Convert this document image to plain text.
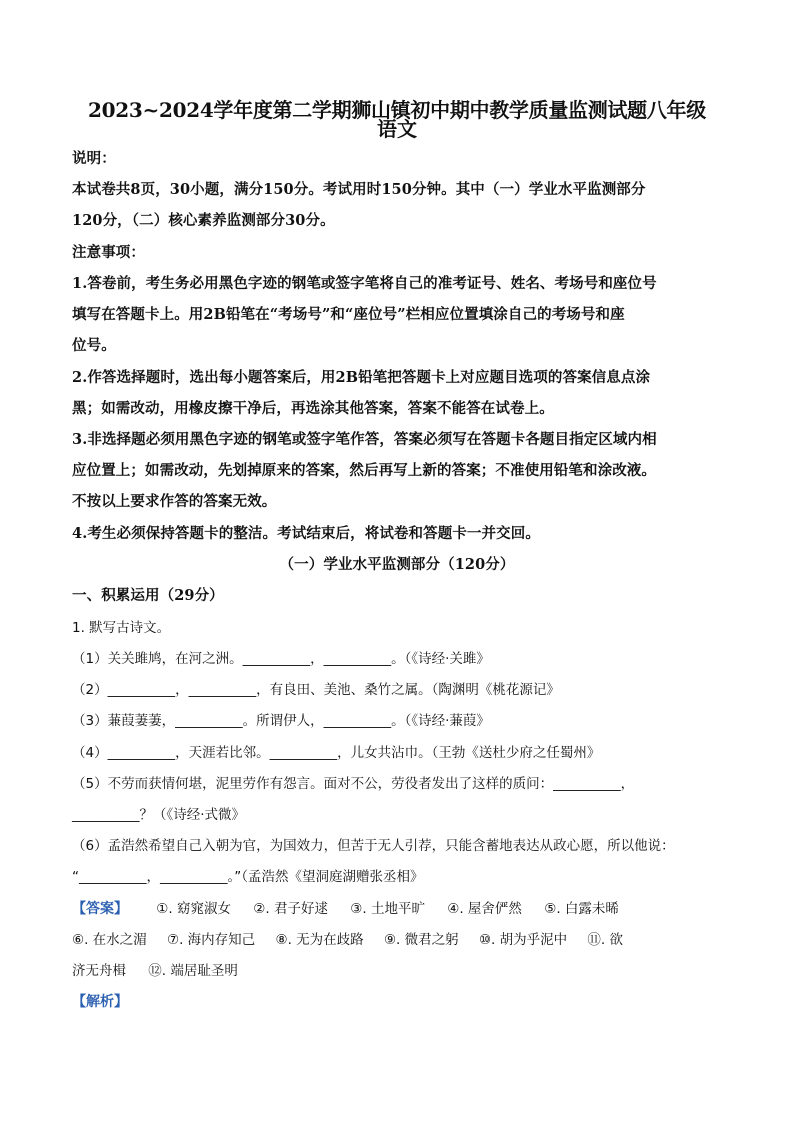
2023~2024学年度第二学期狮山镇初中期中教学质量监测试题八年级
语文
说明：
本试卷共8页，30小题，满分150分。考试用时150分钟。其中（一）学业水平监测部分
120分，（二）核心素养监测部分30分。
注意事项：
1.答卷前，考生务必用黑色字迹的钢笔或签字笔将自己的准考证号、姓名、考场号和座位号
填写在答题卡上。用2B铅笔在“考场号”和“座位号”栏相应位置填涂自己的考场号和座
位号。
2.作答选择题时，选出每小题答案后，用2B铅笔把答题卡上对应题目选项的答案信息点涂
黑；如需改动，用橡皮擦干净后，再选涂其他答案，答案不能答在试卷上。
3.非选择题必须用黑色字迹的钢笔或签字笔作答，答案必须写在答题卡各题目指定区域内相
应位置上；如需改动，先划掉原来的答案，然后再写上新的答案；不准使用铅笔和涂改液。
不按以上要求作答的答案无效。
4.考生必须保持答题卡的整洁。考试结束后，将试卷和答题卡一并交回。
（一）学业水平监测部分（120分）
一、积累运用（29分）
1. 默写古诗文。
（1）关关雎鸠，在河之洲。__________，__________。（《诗经·关雎》
（2）__________，__________，有良田、美池、桑竹之属。（陶渊明《桃花源记》
（3）蒹葭萋萋，__________。所谓伊人，__________。（《诗经·蒹葭》
（4）__________，天涯若比邻。__________，儿女共沾巾。（王勃《送杜少府之任蜀州》
（5）不劳而获情何堪，泥里劳作有怨言。面对不公，劳役者发出了这样的质问：__________，
__________？（《诗经·式微》
（6）孟浩然希望自己入朝为官，为国效力，但苦于无人引荐，只能含蓄地表达从政心愿，所以他说：
“__________，__________。”（孟浩然《望洞庭湖赠张丞相》
【答案】 ①. 窈窕淑女 ②. 君子好逑 ③. 土地平旷 ④. 屋舍俨然 ⑤. 白露未晞
⑥. 在水之湄 ⑦. 海内存知己 ⑧. 无为在歧路 ⑨. 微君之躬 ⑩. 胡为乎泥中 ⑪. 欲
济无舟楫 ⑫. 端居耻圣明
【解析】
